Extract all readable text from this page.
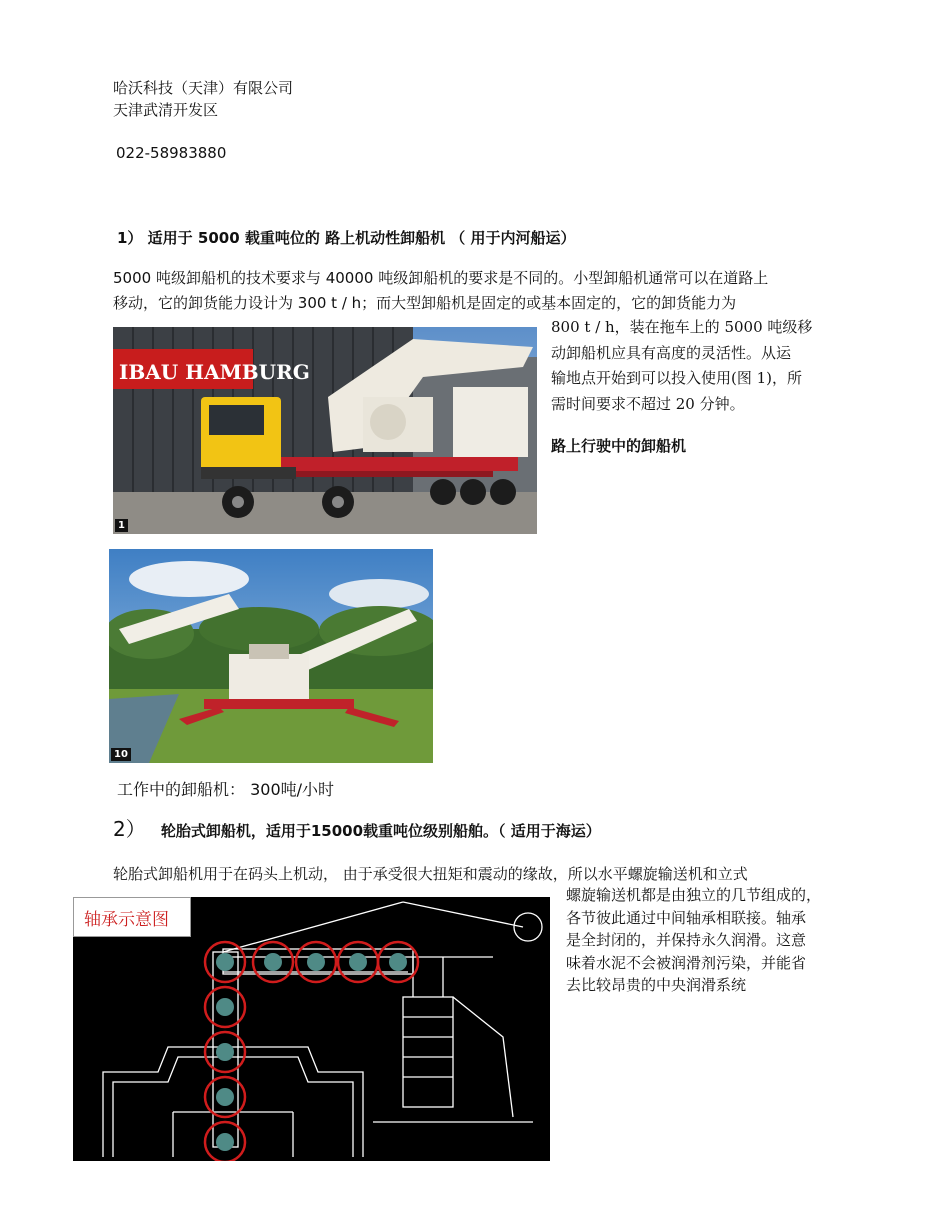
哈沃科技（天津）有限公司
天津武清开发区
022-58983880
1） 适用于 5000 载重吨位的 路上机动性卸船机 （ 用于内河船运）
5000 吨级卸船机的技术要求与 40000 吨级卸船机的要求是不同的。小型卸船机通常可以在道路上
移动，它的卸货能力设计为 300 t / h；而大型卸船机是固定的或基本固定的，它的卸货能力为
IBAU HAMBURG
1
800 t / h，装在拖车上的 5000 吨级移
动卸船机应具有高度的灵活性。从运
输地点开始到可以投入使用(图 1)，所
需时间要求不超过 20 分钟。
路上行驶中的卸船机
10
工作中的卸船机： 300吨/小时
2） 轮胎式卸船机，适用于15000载重吨位级别船舶。（ 适用于海运）
轮胎式卸船机用于在码头上机动， 由于承受很大扭矩和震动的缘故，所以水平螺旋输送机和立式
轴承示意图
螺旋输送机都是由独立的几节组成的，
各节彼此通过中间轴承相联接。轴承
是全封闭的，并保持永久润滑。这意
味着水泥不会被润滑剂污染，并能省
去比较昂贵的中央润滑系统
